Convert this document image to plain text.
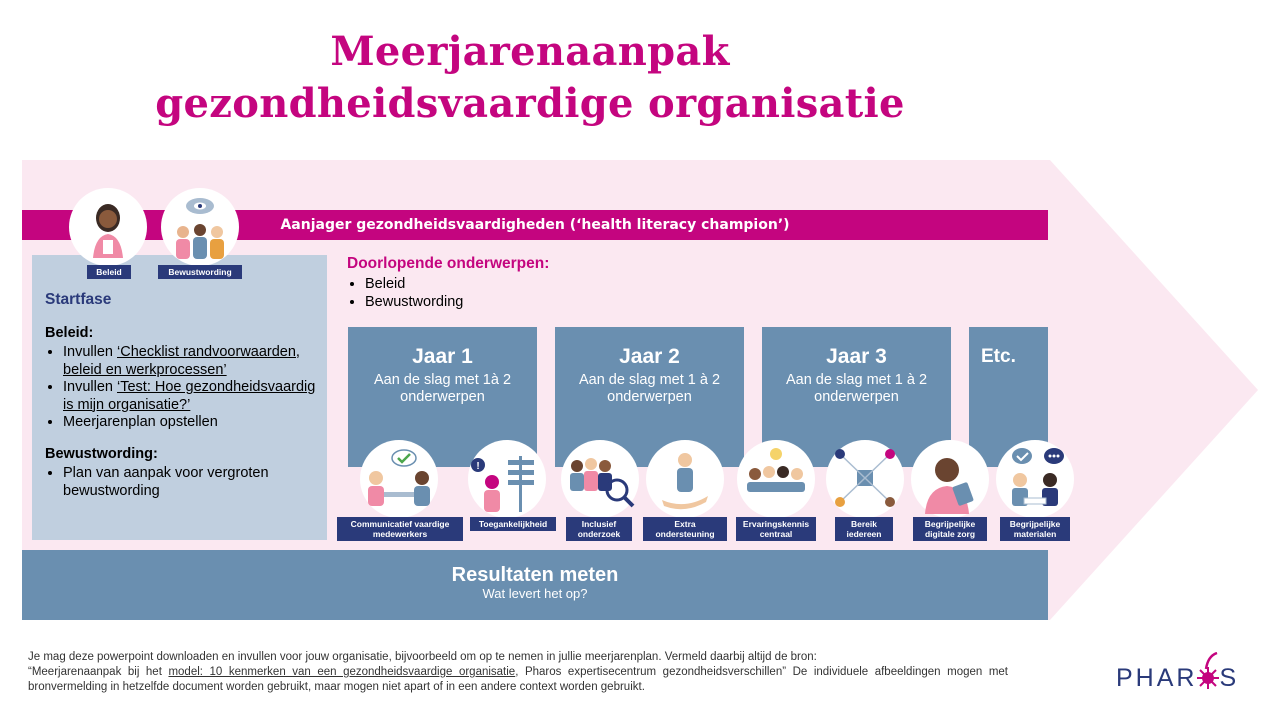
Meerjarenaanpak
gezondheidsvaardige organisatie
Aanjager gezondheidsvaardigheden (‘health literacy champion’)
Startfase
Beleid:
• Invullen ‘Checklist randvoorwaarden, beleid en werkprocessen’
• Invullen ‘Test: Hoe gezondheidsvaardig is mijn organisatie?’
• Meerjarenplan opstellen
Bewustwording:
• Plan van aanpak voor vergroten bewustwording
Beleid	Bewustwording	Doorlopende onderwerpen:
• Beleid
• Bewustwording
Jaar 1
Aan de slag met 1à 2 onderwerpen
Jaar 2
Aan de slag met 1 à 2 onderwerpen
Jaar 3
Aan de slag met 1 à 2 onderwerpen
Etc.
Communicatief vaardige medewerkers
!
Toegankelijkheid	Inclusief onderzoek
Extra ondersteuning
Ervaringskennis centraal
Bereik iedereen
Begrijpelijke digitale zorg
Begrijpelijke materialen
Resultaten meten
Wat levert het op?
Je mag deze powerpoint downloaden en invullen voor jouw organisatie, bijvoorbeeld om op te nemen in jullie meerjarenplan. Vermeld daarbij altijd de bron:
“Meerjarenaanpak bij het model: 10 kenmerken van een gezondheidsvaardige organisatie, Pharos expertisecentrum gezondheidsverschillen” De individuele afbeeldingen mogen met bronvermelding in hetzelfde document worden gebruikt, maar mogen niet apart of in een andere context worden gebruikt.	PHAR S
